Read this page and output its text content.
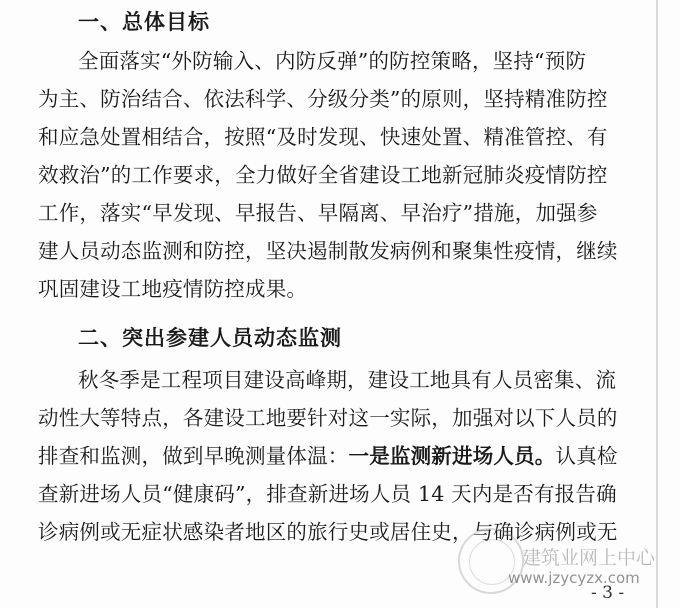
一、总体目标
全面落实“外防输入、内防反弹”的防控策略，坚持“预防
为主、防治结合、依法科学、分级分类”的原则，坚持精准防控
和应急处置相结合，按照“及时发现、快速处置、精准管控、有
效救治”的工作要求，全力做好全省建设工地新冠肺炎疫情防控
工作，落实“早发现、早报告、早隔离、早治疗”措施，加强参
建人员动态监测和防控，坚决遏制散发病例和聚集性疫情，继续
巩固建设工地疫情防控成果。
二、突出参建人员动态监测
秋冬季是工程项目建设高峰期，建设工地具有人员密集、流
动性大等特点，各建设工地要针对这一实际，加强对以下人员的
排查和监测，做到早晚测量体温：一是监测新进场人员。认真检
查新进场人员“健康码”，排查新进场人员 14 天内是否有报告确
诊病例或无症状感染者地区的旅行史或居住史，与确诊病例或无
建筑业网上中心
www.jzycyzx.com
- 3 -
